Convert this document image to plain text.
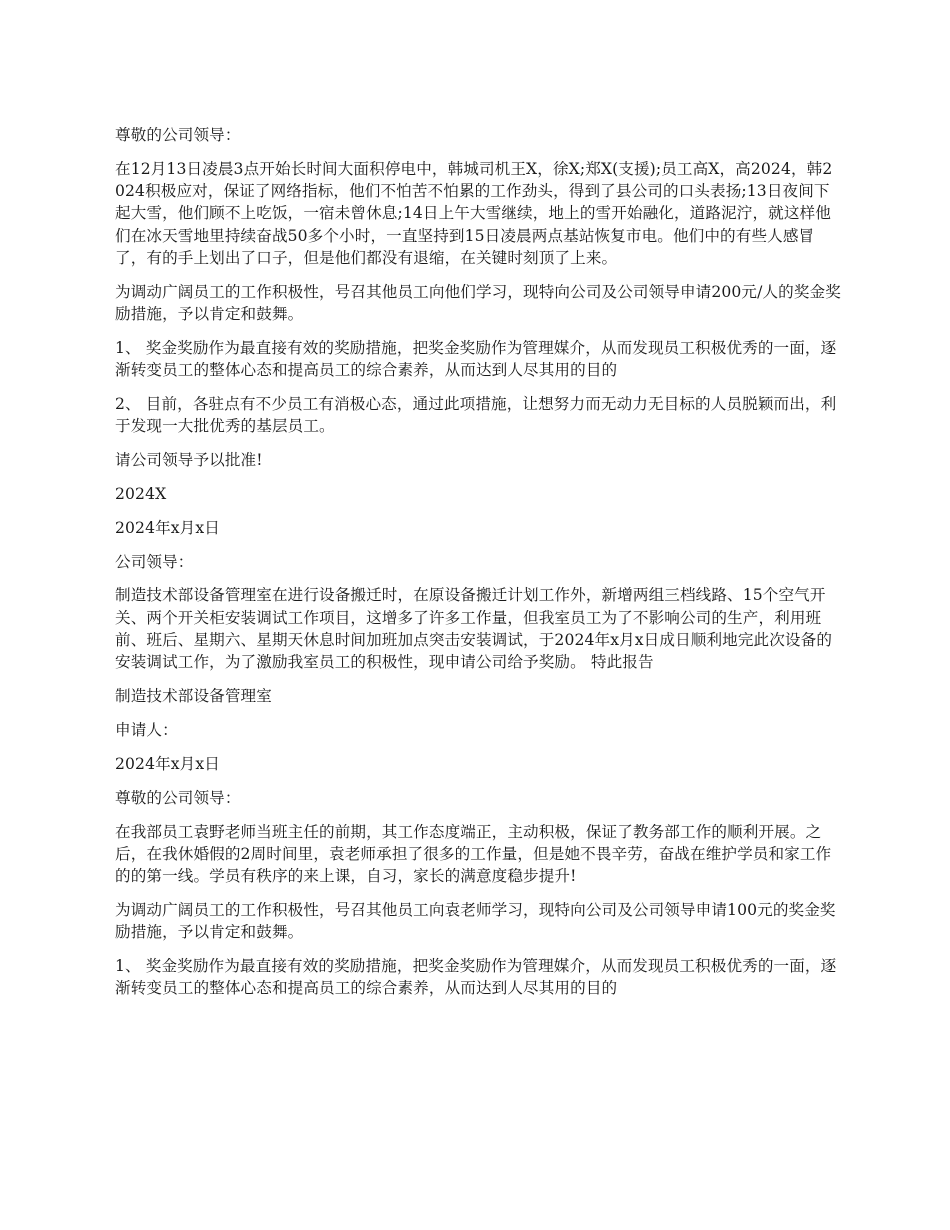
尊敬的公司领导：

在12月13日凌晨3点开始长时间大面积停电中，韩城司机王X，徐X;郑X(支援);员工高X，高2024，韩2024积极应对，保证了网络指标，他们不怕苦不怕累的工作劲头，得到了县公司的口头表扬;13日夜间下起大雪，他们顾不上吃饭，一宿未曾休息;14日上午大雪继续，地上的雪开始融化，道路泥泞，就这样他们在冰天雪地里持续奋战50多个小时，一直坚持到15日凌晨两点基站恢复市电。他们中的有些人感冒了，有的手上划出了口子，但是他们都没有退缩，在关键时刻顶了上来。

为调动广阔员工的工作积极性，号召其他员工向他们学习，现特向公司及公司领导申请200元/人的奖金奖励措施，予以肯定和鼓舞。

1、 奖金奖励作为最直接有效的奖励措施，把奖金奖励作为管理媒介，从而发现员工积极优秀的一面，逐渐转变员工的整体心态和提高员工的综合素养，从而达到人尽其用的目的

2、 目前，各驻点有不少员工有消极心态，通过此项措施，让想努力而无动力无目标的人员脱颖而出，利于发现一大批优秀的基层员工。

请公司领导予以批准!

2024X

2024年x月x日

公司领导：

制造技术部设备管理室在进行设备搬迁时，在原设备搬迁计划工作外，新增两组三档线路、15个空气开关、两个开关柜安装调试工作项目，这增多了许多工作量，但我室员工为了不影响公司的生产，利用班前、班后、星期六、星期天休息时间加班加点突击安装调试，于2024年x月x日成日顺利地完此次设备的安装调试工作，为了激励我室员工的积极性，现申请公司给予奖励。 特此报告

制造技术部设备管理室

申请人：

2024年x月x日

尊敬的公司领导：

在我部员工袁野老师当班主任的前期，其工作态度端正，主动积极，保证了教务部工作的顺利开展。之后，在我休婚假的2周时间里，袁老师承担了很多的工作量，但是她不畏辛劳，奋战在维护学员和家工作的的第一线。学员有秩序的来上课，自习，家长的满意度稳步提升!

为调动广阔员工的工作积极性，号召其他员工向袁老师学习，现特向公司及公司领导申请100元的奖金奖励措施，予以肯定和鼓舞。

1、 奖金奖励作为最直接有效的奖励措施，把奖金奖励作为管理媒介，从而发现员工积极优秀的一面，逐渐转变员工的整体心态和提高员工的综合素养，从而达到人尽其用的目的
